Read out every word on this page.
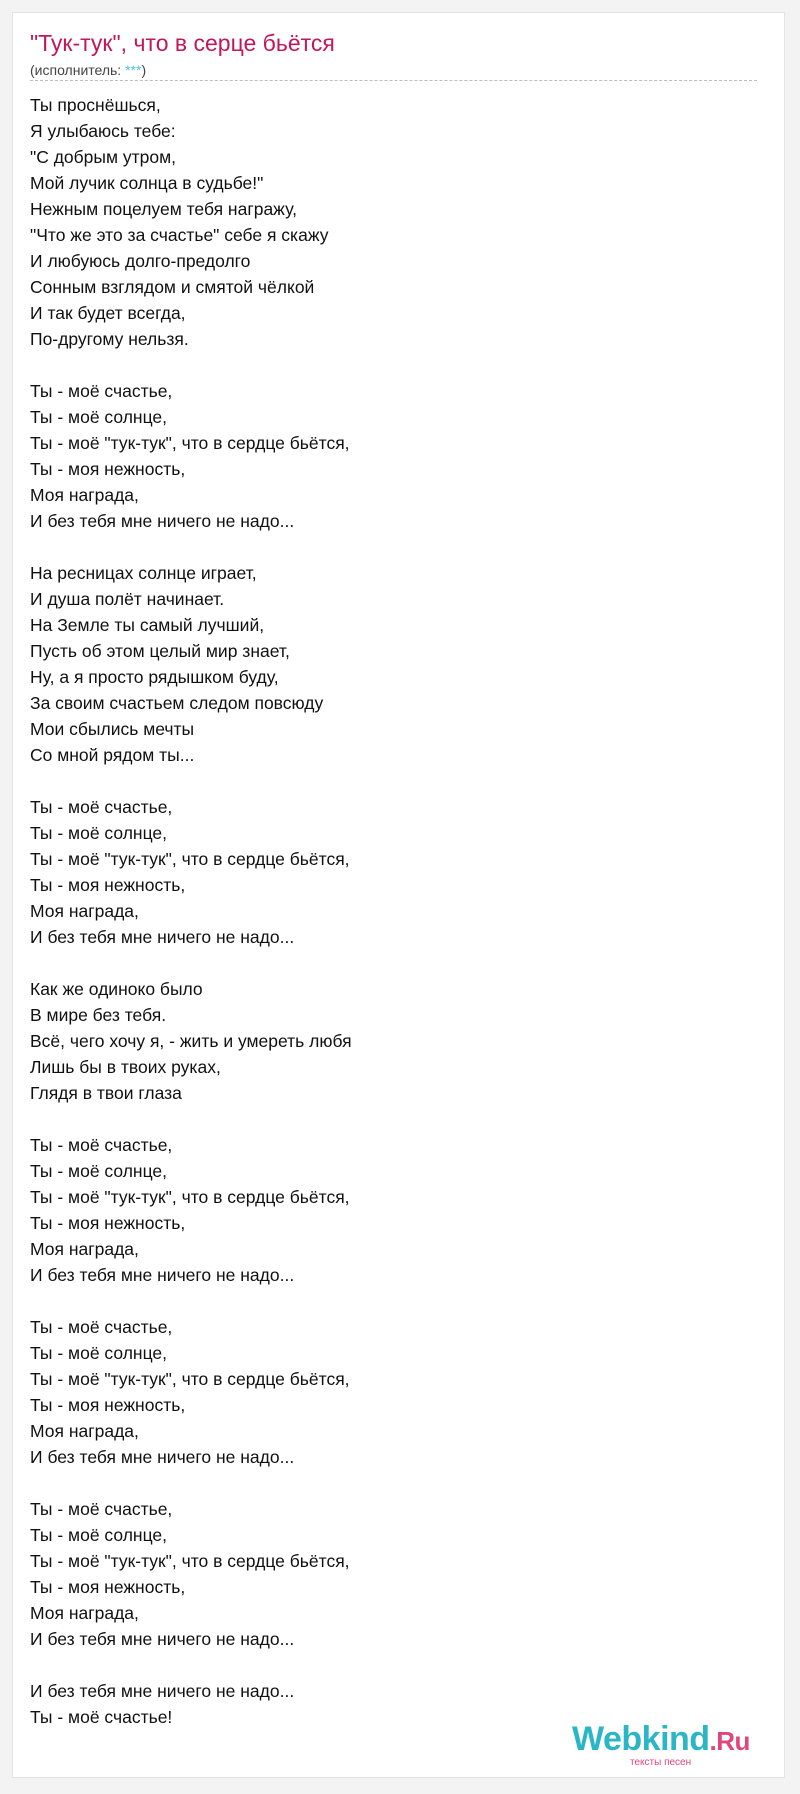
"Тук-тук", что в серце бьётся
(исполнитель: ***)
Ты проснёшься,
Я улыбаюсь тебе:
"С добрым утром,
Мой лучик солнца в судьбе!"
Нежным поцелуем тебя награжу,
"Что же это за счастье" себе я скажу
И любуюсь долго-предолго
Сонным взглядом и смятой чёлкой
И так будет всегда,
По-другому нельзя.
Ты - моё счастье,
Ты - моё солнце,
Ты - моё "тук-тук", что в сердце бьётся,
Ты - моя нежность,
Моя награда,
И без тебя мне ничего не надо...
На ресницах солнце играет,
И душа полёт начинает.
На Земле ты самый лучший,
Пусть об этом целый мир знает,
Ну, а я просто рядышком буду,
За своим счастьем следом повсюду
Мои сбылись мечты
Со мной рядом ты...
Ты - моё счастье,
Ты - моё солнце,
Ты - моё "тук-тук", что в сердце бьётся,
Ты - моя нежность,
Моя награда,
И без тебя мне ничего не надо...
Как же одиноко было
В мире без тебя.
Всё, чего хочу я, - жить и умереть любя
Лишь бы в твоих руках,
Глядя в твои глаза
Ты - моё счастье,
Ты - моё солнце,
Ты - моё "тук-тук", что в сердце бьётся,
Ты - моя нежность,
Моя награда,
И без тебя мне ничего не надо...
Ты - моё счастье,
Ты - моё солнце,
Ты - моё "тук-тук", что в сердце бьётся,
Ты - моя нежность,
Моя награда,
И без тебя мне ничего не надо...
Ты - моё счастье,
Ты - моё солнце,
Ты - моё "тук-тук", что в сердце бьётся,
Ты - моя нежность,
Моя награда,
И без тебя мне ничего не надо...
И без тебя мне ничего не надо...
Ты - моё счастье!
Webkind.Ru
тексты песен
